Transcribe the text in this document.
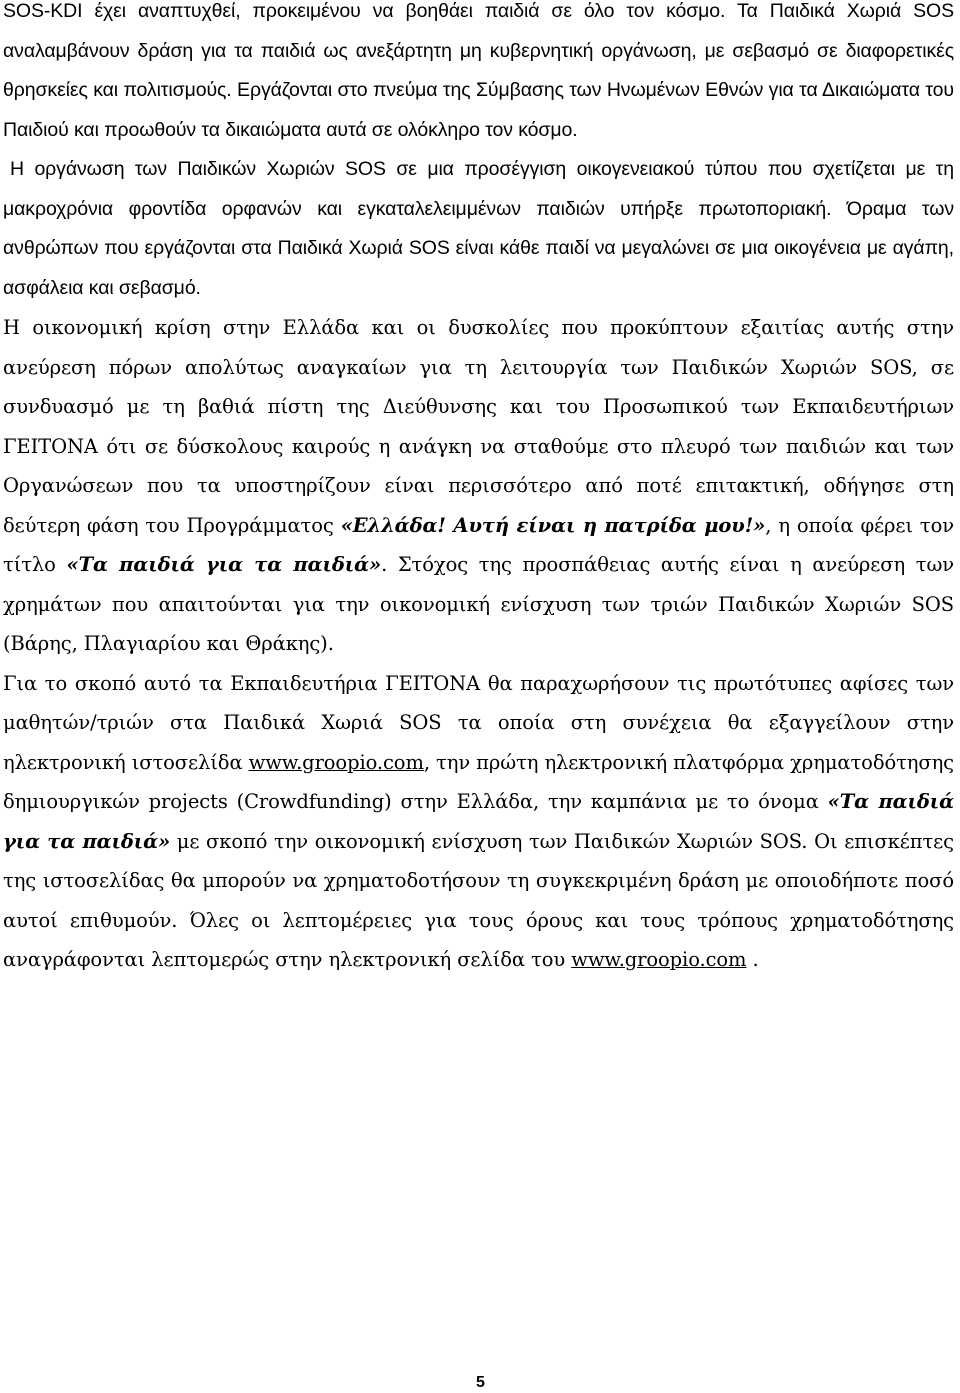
SOS-KDI έχει αναπτυχθεί, προκειμένου να βοηθάει παιδιά σε όλο τον κόσμο. Τα Παιδικά Χωριά SOS αναλαμβάνουν δράση για τα παιδιά ως ανεξάρτητη μη κυβερνητική οργάνωση, με σεβασμό σε διαφορετικές θρησκείες και πολιτισμούς. Εργάζονται στο πνεύμα της Σύμβασης των Ηνωμένων Εθνών για τα Δικαιώματα του Παιδιού και προωθούν τα δικαιώματα αυτά σε ολόκληρο τον κόσμο.

Η οργάνωση των Παιδικών Χωριών SOS σε μια προσέγγιση οικογενειακού τύπου που σχετίζεται με τη μακροχρόνια φροντίδα ορφανών και εγκαταλελειμμένων παιδιών υπήρξε πρωτοποριακή. Όραμα των ανθρώπων που εργάζονται στα Παιδικά Χωριά SOS είναι κάθε παιδί να μεγαλώνει σε μια οικογένεια με αγάπη, ασφάλεια και σεβασμό.

Η οικονομική κρίση στην Ελλάδα και οι δυσκολίες που προκύπτουν εξαιτίας αυτής στην ανεύρεση πόρων απολύτως αναγκαίων για τη λειτουργία των Παιδικών Χωριών SOS, σε συνδυασμό με τη βαθιά πίστη της Διεύθυνσης και του Προσωπικού των Εκπαιδευτήριων ΓΕΙΤΟΝΑ ότι σε δύσκολους καιρούς η ανάγκη να σταθούμε στο πλευρό των παιδιών και των Οργανώσεων που τα υποστηρίζουν είναι περισσότερο από ποτέ επιτακτική, οδήγησε στη δεύτερη φάση του Προγράμματος «Ελλάδα! Αυτή είναι η πατρίδα μου!», η οποία φέρει τον τίτλο «Τα παιδιά για τα παιδιά». Στόχος της προσπάθειας αυτής είναι η ανεύρεση των χρημάτων που απαιτούνται για την οικονομική ενίσχυση των τριών Παιδικών Χωριών SOS (Βάρης, Πλαγιαρίου και Θράκης).

Για το σκοπό αυτό τα Εκπαιδευτήρια ΓΕΙΤΟΝΑ θα παραχωρήσουν τις πρωτότυπες αφίσες των μαθητών/τριών στα Παιδικά Χωριά SOS τα οποία στη συνέχεια θα εξαγγείλουν στην ηλεκτρονική ιστοσελίδα www.groopio.com, την πρώτη ηλεκτρονική πλατφόρμα χρηματοδότησης δημιουργικών projects (Crowdfunding) στην Ελλάδα, την καμπάνια με το όνομα «Τα παιδιά για τα παιδιά» με σκοπό την οικονομική ενίσχυση των Παιδικών Χωριών SOS. Οι επισκέπτες της ιστοσελίδας θα μπορούν να χρηματοδοτήσουν τη συγκεκριμένη δράση με οποιοδήποτε ποσό αυτοί επιθυμούν. Όλες οι λεπτομέρειες για τους όρους και τους τρόπους χρηματοδότησης αναγράφονται λεπτομερώς στην ηλεκτρονική σελίδα του www.groopio.com .

5
